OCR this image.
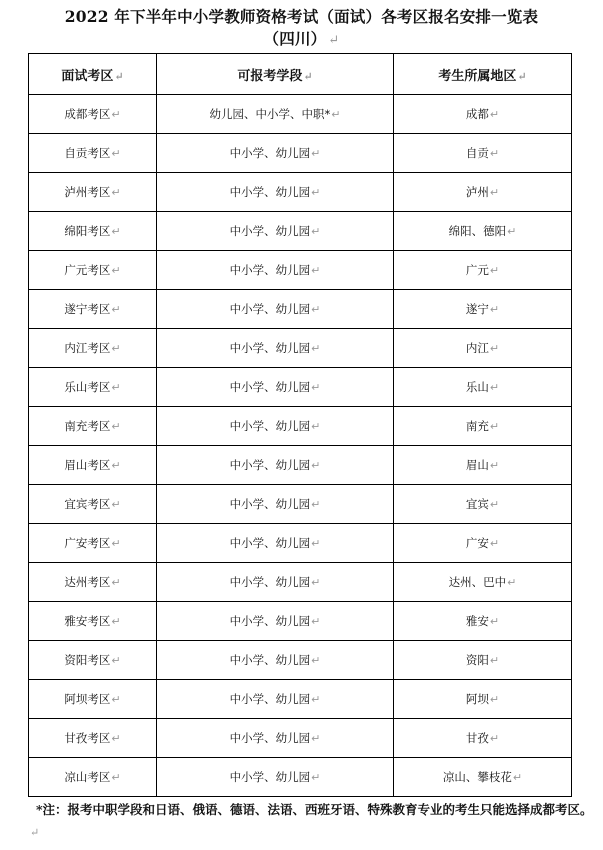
2022 年下半年中小学教师资格考试（面试）各考区报名安排一览表
（四川） ↵
面试考区↵	可报考学段↵	考生所属地区↵
成都考区↵	幼儿园、中小学、中职*↵	成都↵
自贡考区↵	中小学、幼儿园↵	自贡↵
泸州考区↵	中小学、幼儿园↵	泸州↵
绵阳考区↵	中小学、幼儿园↵	绵阳、德阳↵
广元考区↵	中小学、幼儿园↵	广元↵
遂宁考区↵	中小学、幼儿园↵	遂宁↵
内江考区↵	中小学、幼儿园↵	内江↵
乐山考区↵	中小学、幼儿园↵	乐山↵
南充考区↵	中小学、幼儿园↵	南充↵
眉山考区↵	中小学、幼儿园↵	眉山↵
宜宾考区↵	中小学、幼儿园↵	宜宾↵
广安考区↵	中小学、幼儿园↵	广安↵
达州考区↵	中小学、幼儿园↵	达州、巴中↵
雅安考区↵	中小学、幼儿园↵	雅安↵
资阳考区↵	中小学、幼儿园↵	资阳↵
阿坝考区↵	中小学、幼儿园↵	阿坝↵
甘孜考区↵	中小学、幼儿园↵	甘孜↵
凉山考区↵	中小学、幼儿园↵	凉山、攀枝花↵
*注：报考中职学段和日语、俄语、德语、法语、西班牙语、特殊教育专业的考生只能选择成都考区。↵
